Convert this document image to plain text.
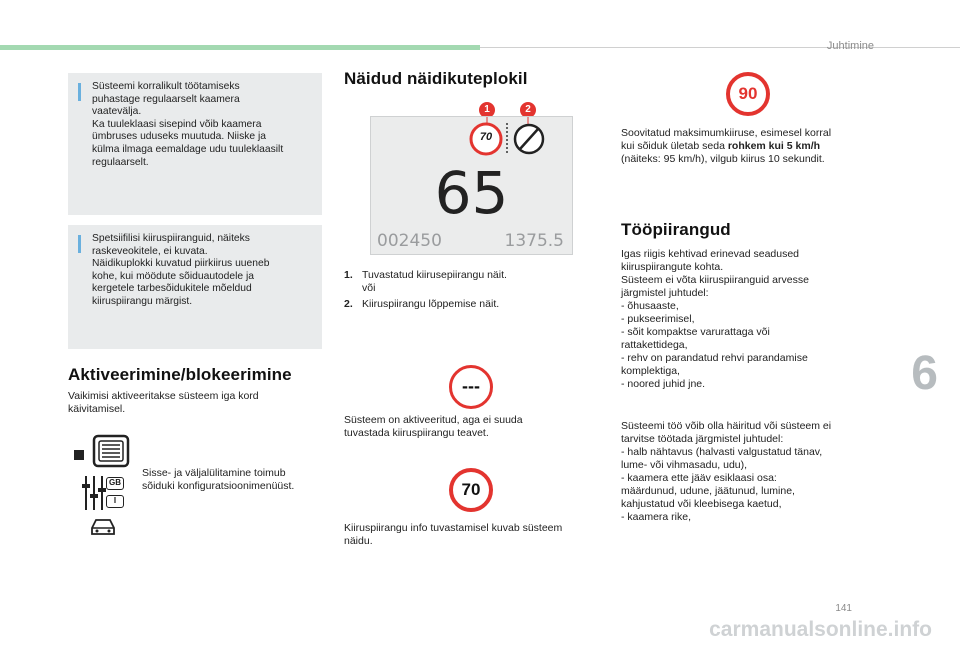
Juhtimine
Süsteemi korralikult töötamiseks
puhastage regulaarselt kaamera
vaatevälja.
Ka tuuleklaasi sisepind võib kaamera
ümbruses uduseks muutuda. Niiske ja
külma ilmaga eemaldage udu tuuleklaasilt
regulaarselt.
Spetsiifilisi kiiruspiiranguid, näiteks
raskeveokitele, ei kuvata.
Näidikuplokki kuvatud piirkiirus uueneb
kohe, kui möödute sõiduautodele ja
kergetele tarbesõidukitele mõeldud
kiiruspiirangu märgist.
Aktiveerimine/blokeerimine
Vaikimisi aktiveeritakse süsteem iga kord
käivitamisel.
GB
I
Sisse- ja väljalülitamine toimub
sõiduki konfiguratsioonimenüüst.
Näidud näidikuteplokil
1	2
70
65
002450	1375.5
1. Tuvastatud kiirusepiirangu näit.
või
2. Kiiruspiirangu lõppemise näit.
---
Süsteem on aktiveeritud, aga ei suuda
tuvastada kiiruspiirangu teavet.
70
Kiiruspiirangu info tuvastamisel kuvab süsteem
näidu.
90
Soovitatud maksimumkiiruse, esimesel korral
kui sõiduk ületab seda rohkem kui 5 km/h
(näiteks: 95 km/h), vilgub kiirus 10 sekundit.
Tööpiirangud
Igas riigis kehtivad erinevad seadused
kiiruspiirangute kohta.
Süsteem ei võta kiiruspiiranguid arvesse
järgmistel juhtudel:
- õhusaaste,
- pukseerimisel,
- sõit kompaktse varurattaga või
rattakettidega,
- rehv on parandatud rehvi parandamise
komplektiga,
- noored juhid jne.
Süsteemi töö võib olla häiritud või süsteem ei
tarvitse töötada järgmistel juhtudel:
- halb nähtavus (halvasti valgustatud tänav,
lume- või vihmasadu, udu),
- kaamera ette jääv esiklaasi osa:
määrdunud, udune, jäätunud, lumine,
kahjustatud või kleebisega kaetud,
- kaamera rike,
6
141
carmanualsonline.info
